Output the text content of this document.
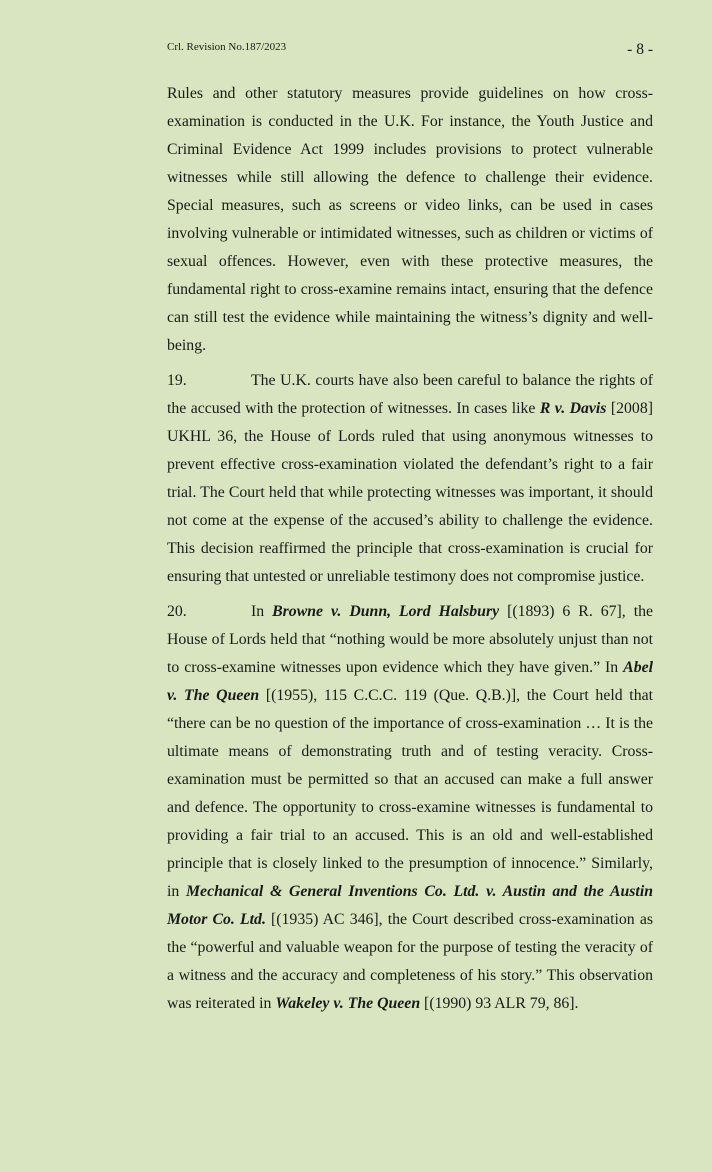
Crl. Revision No.187/2023	- 8 -

Rules and other statutory measures provide guidelines on how cross-examination is conducted in the U.K. For instance, the Youth Justice and Criminal Evidence Act 1999 includes provisions to protect vulnerable witnesses while still allowing the defence to challenge their evidence. Special measures, such as screens or video links, can be used in cases involving vulnerable or intimidated witnesses, such as children or victims of sexual offences. However, even with these protective measures, the fundamental right to cross-examine remains intact, ensuring that the defence can still test the evidence while maintaining the witness’s dignity and well-being.

19.	The U.K. courts have also been careful to balance the rights of the accused with the protection of witnesses. In cases like R v. Davis [2008] UKHL 36, the House of Lords ruled that using anonymous witnesses to prevent effective cross-examination violated the defendant’s right to a fair trial. The Court held that while protecting witnesses was important, it should not come at the expense of the accused’s ability to challenge the evidence. This decision reaffirmed the principle that cross-examination is crucial for ensuring that untested or unreliable testimony does not compromise justice.

20.	In Browne v. Dunn, Lord Halsbury [(1893) 6 R. 67], the House of Lords held that “nothing would be more absolutely unjust than not to cross-examine witnesses upon evidence which they have given.” In Abel v. The Queen [(1955), 115 C.C.C. 119 (Que. Q.B.)], the Court held that “there can be no question of the importance of cross-examination … It is the ultimate means of demonstrating truth and of testing veracity. Cross-examination must be permitted so that an accused can make a full answer and defence. The opportunity to cross-examine witnesses is fundamental to providing a fair trial to an accused. This is an old and well-established principle that is closely linked to the presumption of innocence.” Similarly, in Mechanical & General Inventions Co. Ltd. v. Austin and the Austin Motor Co. Ltd. [(1935) AC 346], the Court described cross-examination as the “powerful and valuable weapon for the purpose of testing the veracity of a witness and the accuracy and completeness of his story.” This observation was reiterated in Wakeley v. The Queen [(1990) 93 ALR 79, 86].
